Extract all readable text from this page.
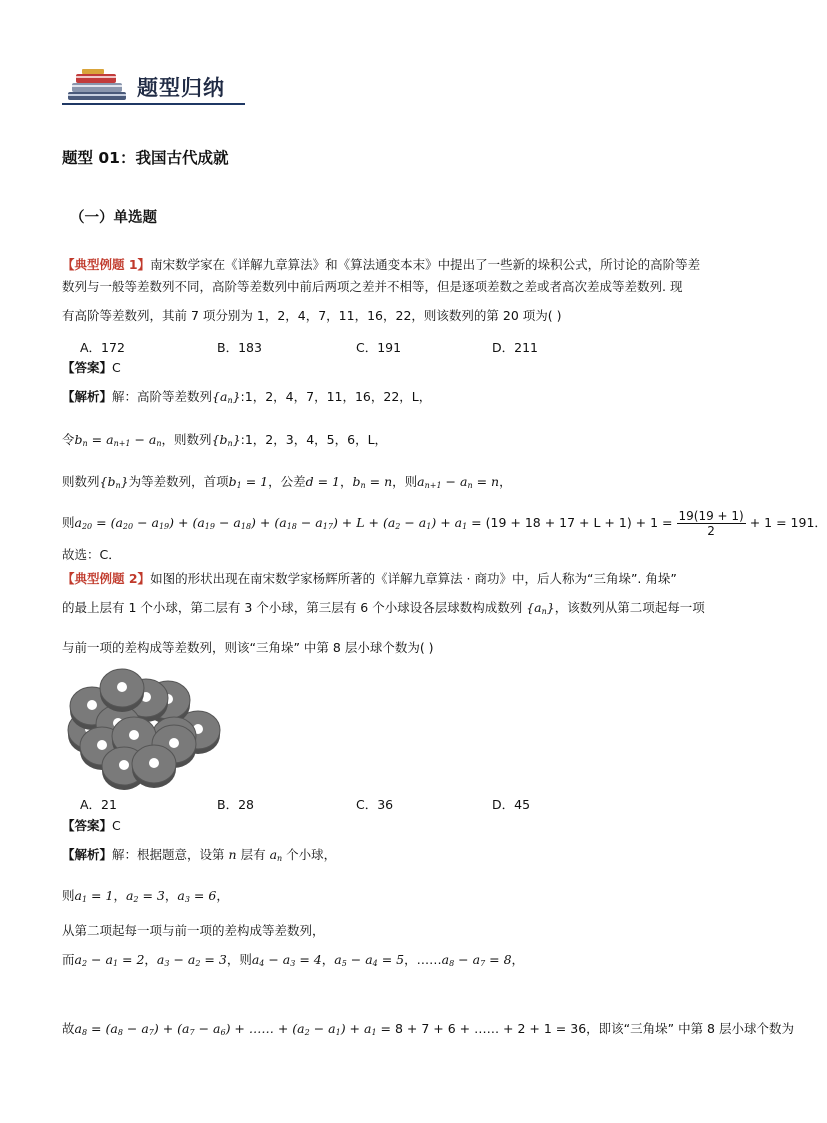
题型归纳
题型 01：我国古代成就
（一）单选题
【典型例题 1】南宋数学家在《详解九章算法》和《算法通变本末》中提出了一些新的垛积公式，所讨论的高阶等差
数列与一般等差数列不同，高阶等差数列中前后两项之差并不相等，但是逐项差数之差或者高次差成等差数列. 现
有高阶等差数列，其前 7 项分别为 1，2，4，7，11，16，22，则该数列的第 20 项为( )
A．172	B．183	C．191	D．211
【答案】C
【解析】解：高阶等差数列$\{a_n\}:1$，2，4，7，11，16，22，L，
令$b_n = a_{n+1} - a_n$，则数列$\{b_n\}:1$，2，3，4，5，6，L，
则数列$\{b_n\}$为等差数列，首项$b_1 = 1$，公差d = 1，$b_n = n$，则$a_{n+1} - a_n = n$，
则$a_{20} = (a_{20} - a_{19}) + (a_{19} - a_{18}) + (a_{18} - a_{17}) + L + (a_2 - a_1) + a_1 = (19 + 18 + 17 + L + 1) + 1 = \frac{19(19 + 1)}{2} + 1 = 191$．
故选：C．
【典型例题 2】如图的形状出现在南宋数学家杨辉所著的《详解九章算法 · 商功》中，后人称为“三角垛”. 角垛”
的最上层有 1 个小球，第二层有 3 个小球，第三层有 6 个小球设各层球数构成数列 $\{a_n\}$，该数列从第二项起每一项
与前一项的差构成等差数列，则该“三角垛” 中第 8 层小球个数为( )
A．21	B．28	C．36	D．45
【答案】C
【解析】解：根据题意，设第 n 层有 $a_n$ 个小球，
则$a_1 = 1$，$a_2 = 3$，$a_3 = 6$，
从第二项起每一项与前一项的差构成等差数列，
而$a_2 - a_1 = 2$，$a_3 - a_2 = 3$，则$a_4 - a_3 = 4$，$a_5 - a_4 = 5$，$\dots\dots a_8 - a_7 = 8$，
故$a_8 = (a_8 - a_7) + (a_7 - a_6)$ + …… + $(a_2 - a_1) + a_1 = 8 + 7 + 6$ + …… + 2 + 1 = 36，即该“三角垛” 中第 8 层小球个数为
